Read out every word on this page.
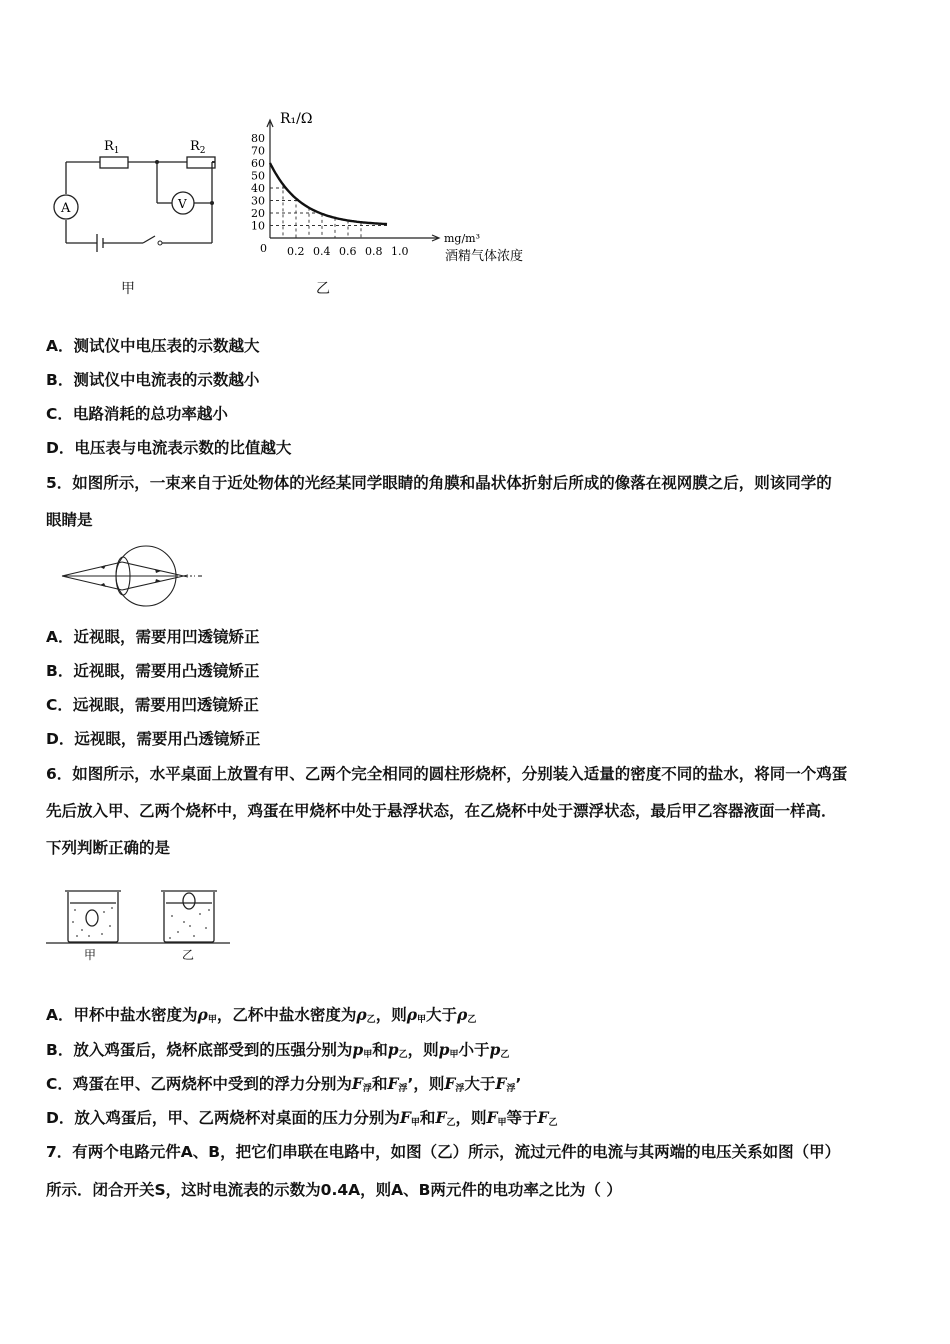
A	V
$R_1$	$R_2$
甲
80
70
60
50
40
30
20
10
0.2 0.4 0.6 0.8 1.0
R₁/Ω
0
mg/m³
酒精气体浓度
乙
A．测试仪中电压表的示数越大
B．测试仪中电流表的示数越小
C．电路消耗的总功率越小
D．电压表与电流表示数的比值越大
5．如图所示，一束来自于近处物体的光经某同学眼睛的角膜和晶状体折射后所成的像落在视网膜之后，则该同学的
眼睛是
A．近视眼，需要用凹透镜矫正
B．近视眼，需要用凸透镜矫正
C．远视眼，需要用凹透镜矫正
D．远视眼，需要用凸透镜矫正
6．如图所示，水平桌面上放置有甲、乙两个完全相同的圆柱形烧杯，分别装入适量的密度不同的盐水，将同一个鸡蛋
先后放入甲、乙两个烧杯中，鸡蛋在甲烧杯中处于悬浮状态，在乙烧杯中处于漂浮状态，最后甲乙容器液面一样高．
下列判断正确的是
甲	乙
A．甲杯中盐水密度为$\rho_甲$，乙杯中盐水密度为$\rho_乙$，则$\rho_甲$大于$\rho_乙$
B．放入鸡蛋后，烧杯底部受到的压强分别为$p_甲$和$p_乙$，则$p_甲$小于$p_乙$
C．鸡蛋在甲、乙两烧杯中受到的浮力分别为$F_浮$和$F_浮$’，则$F_浮$大于$F_浮$’
D．放入鸡蛋后，甲、乙两烧杯对桌面的压力分别为$F_甲$和$F_乙$，则$F_甲$等于$F_乙$
7．有两个电路元件A、B，把它们串联在电路中，如图（乙）所示，流过元件的电流与其两端的电压关系如图（甲）
所示．闭合开关S，这时电流表的示数为0.4A，则A、B两元件的电功率之比为（ ）
